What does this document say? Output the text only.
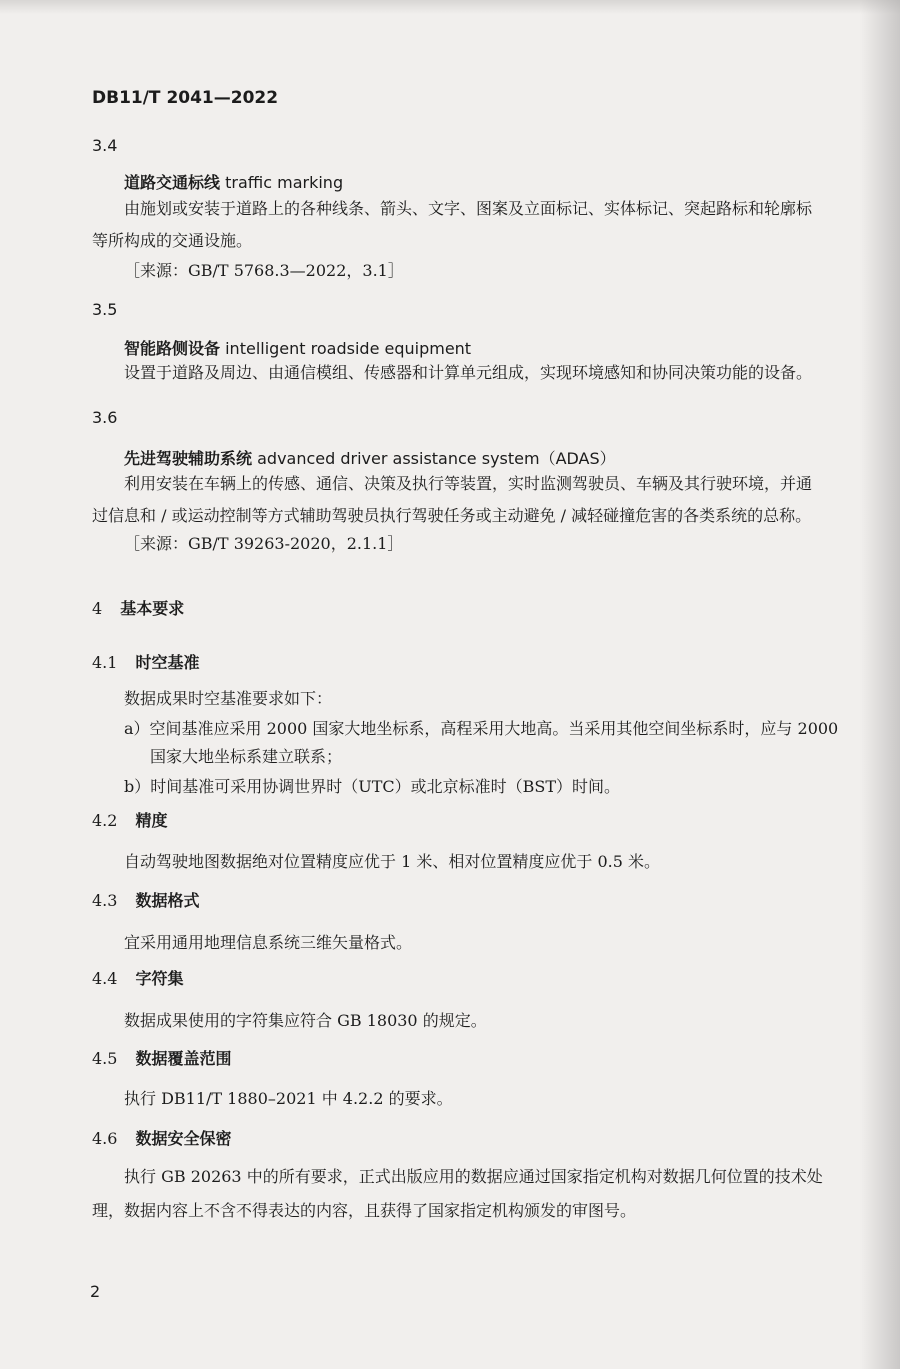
DB11/T 2041—2022
3.4
道路交通标线 traffic marking
由施划或安装于道路上的各种线条、箭头、文字、图案及立面标记、实体标记、突起路标和轮廓标
等所构成的交通设施。
［来源：GB/T 5768.3—2022，3.1］
3.5
智能路侧设备 intelligent roadside equipment
设置于道路及周边、由通信模组、传感器和计算单元组成，实现环境感知和协同决策功能的设备。
3.6
先进驾驶辅助系统 advanced driver assistance system（ADAS）
利用安装在车辆上的传感、通信、决策及执行等装置，实时监测驾驶员、车辆及其行驶环境，并通
过信息和 / 或运动控制等方式辅助驾驶员执行驾驶任务或主动避免 / 减轻碰撞危害的各类系统的总称。
［来源：GB/T 39263-2020，2.1.1］
4 基本要求
4.1 时空基准
数据成果时空基准要求如下：
a）空间基准应采用 2000 国家大地坐标系，高程采用大地高。当采用其他空间坐标系时，应与 2000
国家大地坐标系建立联系；
b）时间基准可采用协调世界时（UTC）或北京标准时（BST）时间。
4.2 精度
自动驾驶地图数据绝对位置精度应优于 1 米、相对位置精度应优于 0.5 米。
4.3 数据格式
宜采用通用地理信息系统三维矢量格式。
4.4 字符集
数据成果使用的字符集应符合 GB 18030 的规定。
4.5 数据覆盖范围
执行 DB11/T 1880–2021 中 4.2.2 的要求。
4.6 数据安全保密
执行 GB 20263 中的所有要求，正式出版应用的数据应通过国家指定机构对数据几何位置的技术处
理，数据内容上不含不得表达的内容，且获得了国家指定机构颁发的审图号。
2
